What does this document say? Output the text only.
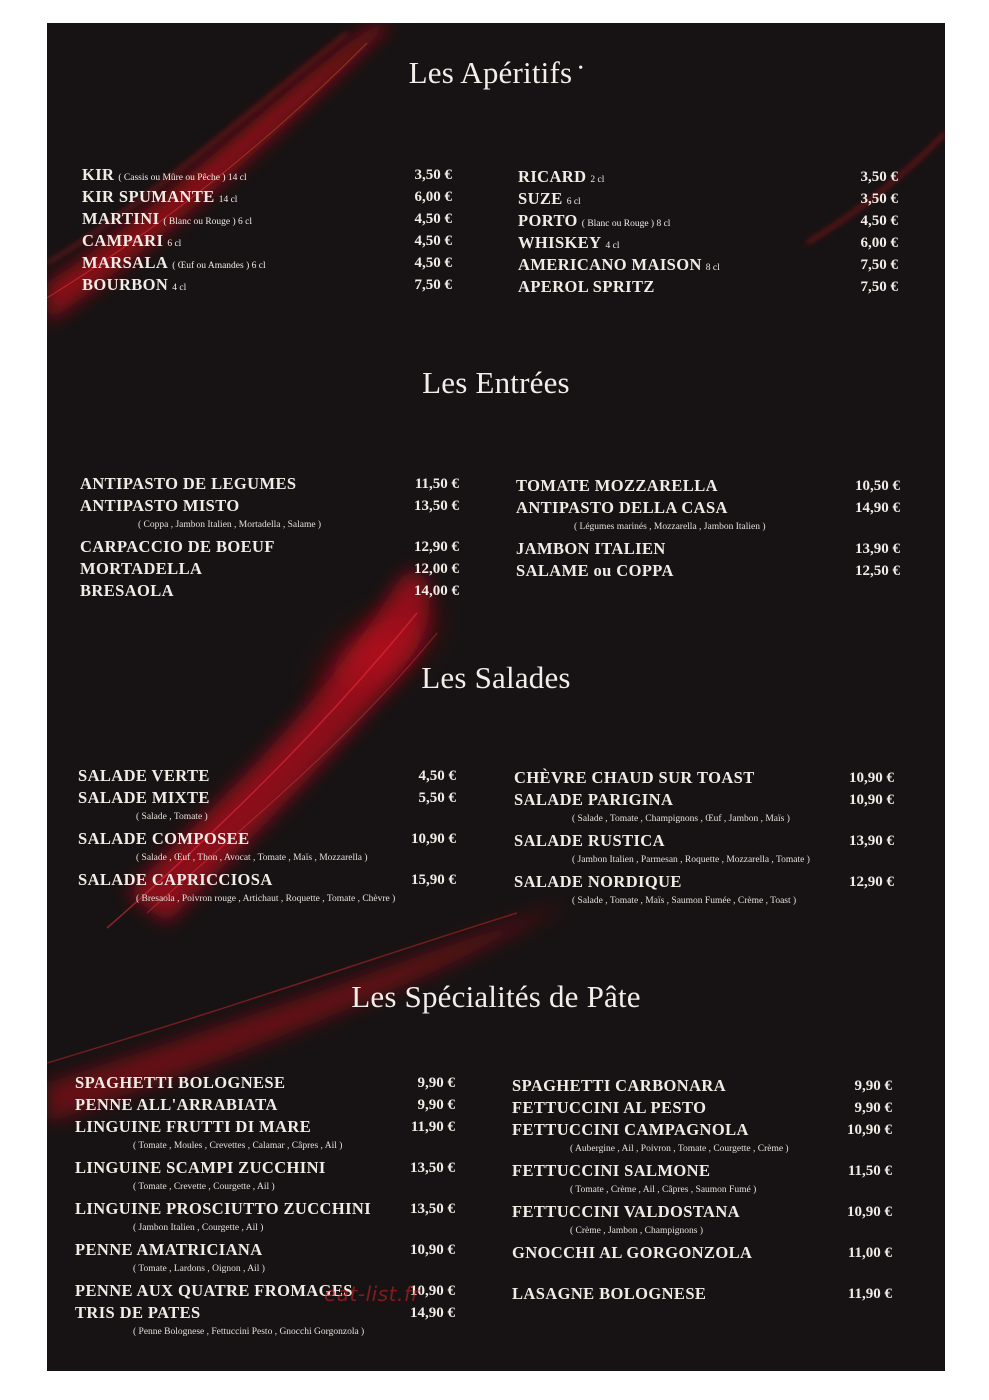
Les Apéritifs •
KIR ( Cassis ou Mûre ou Pêche ) 14 cl	3,50 €
KIR SPUMANTE 14 cl	6,00 €
MARTINI ( Blanc ou Rouge ) 6 cl	4,50 €
CAMPARI 6 cl	4,50 €
MARSALA ( Œuf ou Amandes ) 6 cl	4,50 €
BOURBON 4 cl	7,50 €
RICARD 2 cl	3,50 €
SUZE 6 cl	3,50 €
PORTO ( Blanc ou Rouge ) 8 cl	4,50 €
WHISKEY 4 cl	6,00 €
AMERICANO MAISON 8 cl	7,50 €
APEROL SPRITZ	7,50 €
Les Entrées
ANTIPASTO DE LEGUMES	11,50 €
ANTIPASTO MISTO	13,50 €
( Coppa , Jambon Italien , Mortadella , Salame )
CARPACCIO DE BOEUF	12,90 €
MORTADELLA	12,00 €
BRESAOLA	14,00 €
TOMATE MOZZARELLA	10,50 €
ANTIPASTO DELLA CASA	14,90 €
( Légumes marinés , Mozzarella , Jambon Italien )
JAMBON ITALIEN	13,90 €
SALAME ou COPPA	12,50 €
Les Salades
SALADE VERTE	4,50 €
SALADE MIXTE	5,50 €
( Salade , Tomate )
SALADE COMPOSEE	10,90 €
( Salade , Œuf , Thon , Avocat , Tomate , Maïs , Mozzarella )
SALADE CAPRICCIOSA	15,90 €
( Bresaola , Poivron rouge , Artichaut , Roquette , Tomate , Chèvre )
CHÈVRE CHAUD SUR TOAST	10,90 €
SALADE PARIGINA	10,90 €
( Salade , Tomate , Champignons , Œuf , Jambon , Maïs )
SALADE RUSTICA	13,90 €
( Jambon Italien , Parmesan , Roquette , Mozzarella , Tomate )
SALADE NORDIQUE	12,90 €
( Salade , Tomate , Maïs , Saumon Fumée , Crème , Toast )
Les Spécialités de Pâte
SPAGHETTI BOLOGNESE	9,90 €
PENNE ALL'ARRABIATA	9,90 €
LINGUINE FRUTTI DI MARE	11,90 €
( Tomate , Moules , Crevettes , Calamar , Câpres , Ail )
LINGUINE SCAMPI ZUCCHINI	13,50 €
( Tomate , Crevette , Courgette , Ail )
LINGUINE PROSCIUTTO ZUCCHINI	13,50 €
( Jambon Italien , Courgette , Ail )
PENNE AMATRICIANA	10,90 €
( Tomate , Lardons , Oignon , Ail )
PENNE AUX QUATRE FROMAGES	10,90 €
TRIS DE PATES	14,90 €
( Penne Bolognese , Fettuccini Pesto , Gnocchi Gorgonzola )
SPAGHETTI CARBONARA	9,90 €
FETTUCCINI AL PESTO	9,90 €
FETTUCCINI CAMPAGNOLA	10,90 €
( Aubergine , Ail , Poivron , Tomate , Courgette , Crème )
FETTUCCINI SALMONE	11,50 €
( Tomate , Crème , Ail , Câpres , Saumon Fumé )
FETTUCCINI VALDOSTANA	10,90 €
( Crème , Jambon , Champignons )
GNOCCHI AL GORGONZOLA	11,00 €
LASAGNE BOLOGNESE	11,90 €
eat-list.fr
